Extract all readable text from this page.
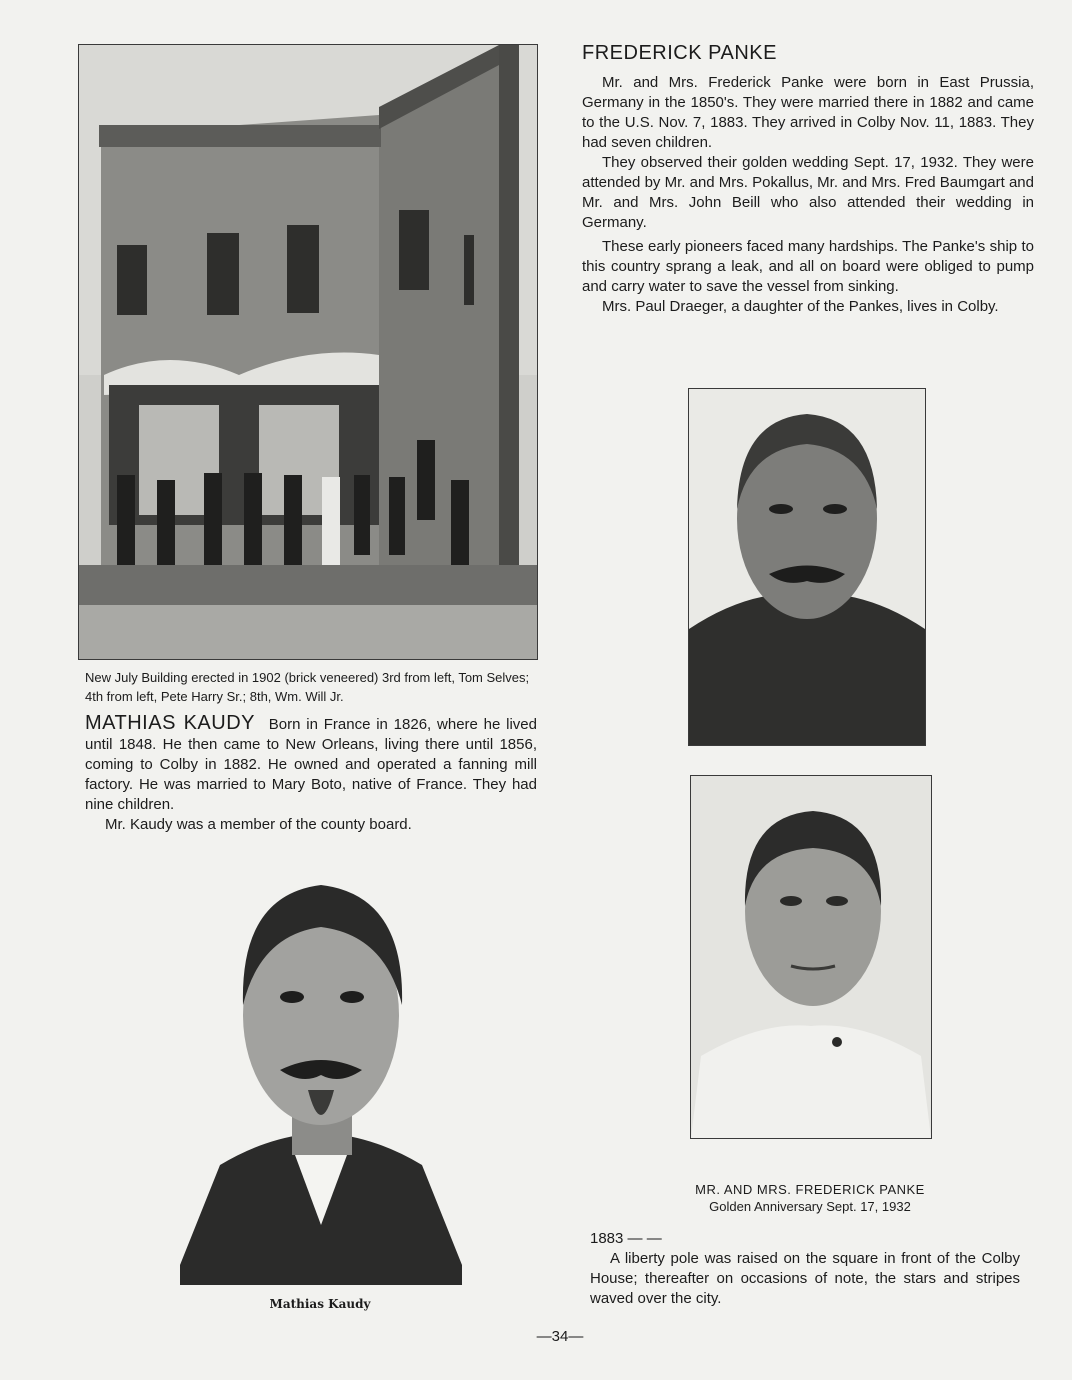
New July Building erected in 1902 (brick veneered) 3rd from left, Tom Selves; 4th from left, Pete Harry Sr.; 8th, Wm. Will Jr.

MATHIAS KAUDY Born in France in 1826, where he lived until 1848. He then came to New Orleans, living there until 1856, coming to Colby in 1882. He owned and operated a fanning mill factory. He was married to Mary Boto, native of France. They had nine children.

Mr. Kaudy was a member of the county board.

Mathias Kaudy
FREDERICK PANKE

Mr. and Mrs. Frederick Panke were born in East Prussia, Germany in the 1850's. They were married there in 1882 and came to the U.S. Nov. 7, 1883. They arrived in Colby Nov. 11, 1883. They had seven children.

They observed their golden wedding Sept. 17, 1932. They were attended by Mr. and Mrs. Pokallus, Mr. and Mrs. Fred Baumgart and Mr. and Mrs. John Beill who also attended their wedding in Germany.

These early pioneers faced many hardships. The Panke's ship to this country sprang a leak, and all on board were obliged to pump and carry water to save the vessel from sinking.

Mrs. Paul Draeger, a daughter of the Pankes, lives in Colby.

MR. AND MRS. FREDERICK PANKE
Golden Anniversary Sept. 17, 1932
1883 — —

A liberty pole was raised on the square in front of the Colby House; thereafter on occasions of note, the stars and stripes waved over the city.

—34—
